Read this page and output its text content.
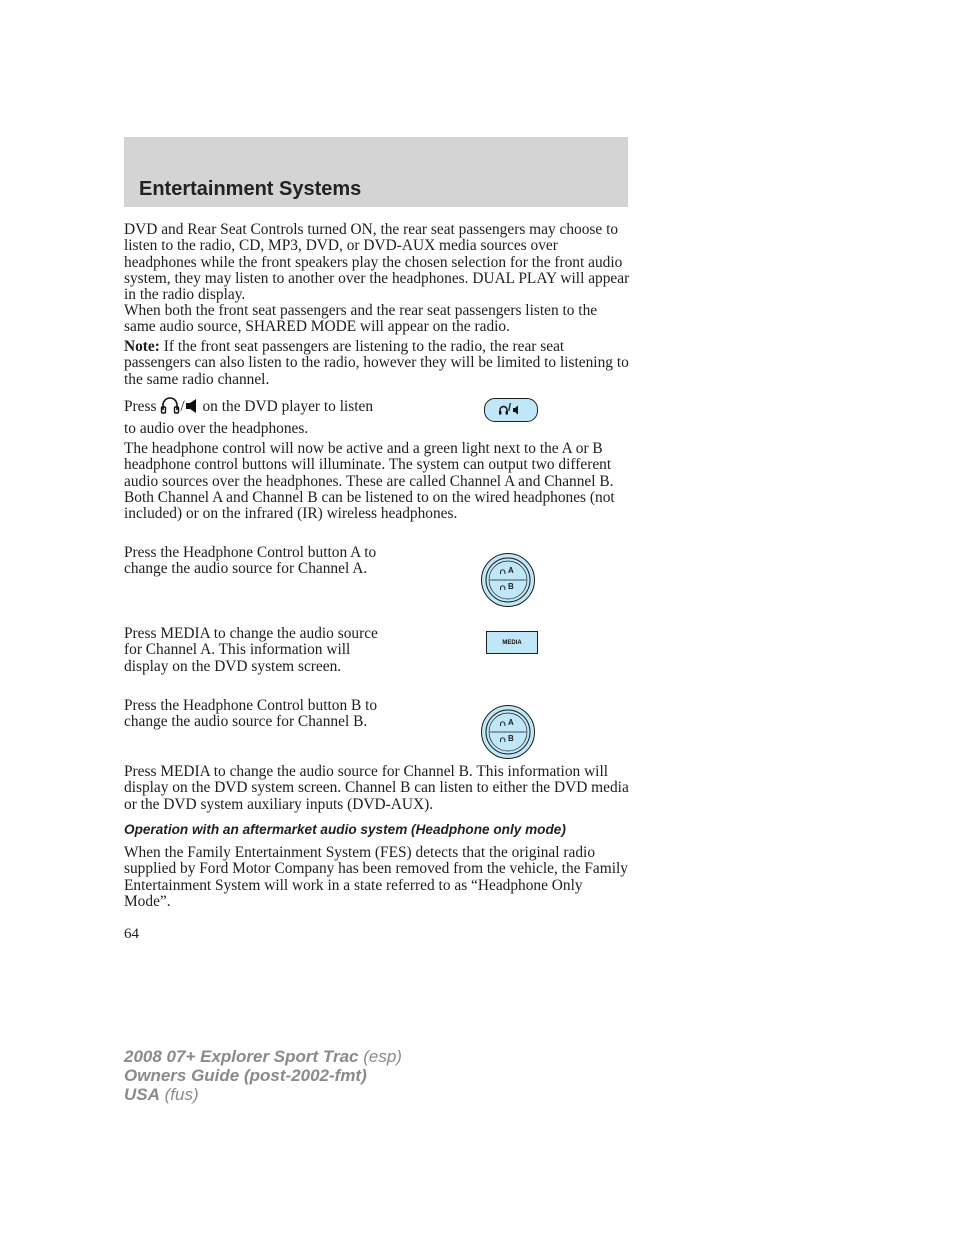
Entertainment Systems

DVD and Rear Seat Controls turned ON, the rear seat passengers may choose to listen to the radio, CD, MP3, DVD, or DVD-AUX media sources over headphones while the front speakers play the chosen selection for the front audio system, they may listen to another over the headphones. DUAL PLAY will appear in the radio display.

When both the front seat passengers and the rear seat passengers listen to the same audio source, SHARED MODE will appear on the radio.

Note: If the front seat passengers are listening to the radio, the rear seat passengers can also listen to the radio, however they will be limited to listening to the same radio channel.

Press / on the DVD player to listen to audio over the headphones.

/

The headphone control will now be active and a green light next to the A or B headphone control buttons will illuminate. The system can output two different audio sources over the headphones. These are called Channel A and Channel B. Both Channel A and Channel B can be listened to on the wired headphones (not included) or on the infrared (IR) wireless headphones.

Press the Headphone Control button A to change the audio source for Channel A.	A
B

Press MEDIA to change the audio source for Channel A. This information will display on the DVD system screen.

MEDIA

Press the Headphone Control button B to change the audio source for Channel B.	A
B

Press MEDIA to change the audio source for Channel B. This information will display on the DVD system screen. Channel B can listen to either the DVD media or the DVD system auxiliary inputs (DVD-AUX).

Operation with an aftermarket audio system (Headphone only mode)

When the Family Entertainment System (FES) detects that the original radio supplied by Ford Motor Company has been removed from the vehicle, the Family Entertainment System will work in a state referred to as “Headphone Only Mode”.

64

2008 07+ Explorer Sport Trac (esp)
Owners Guide (post-2002-fmt)
USA (fus)
